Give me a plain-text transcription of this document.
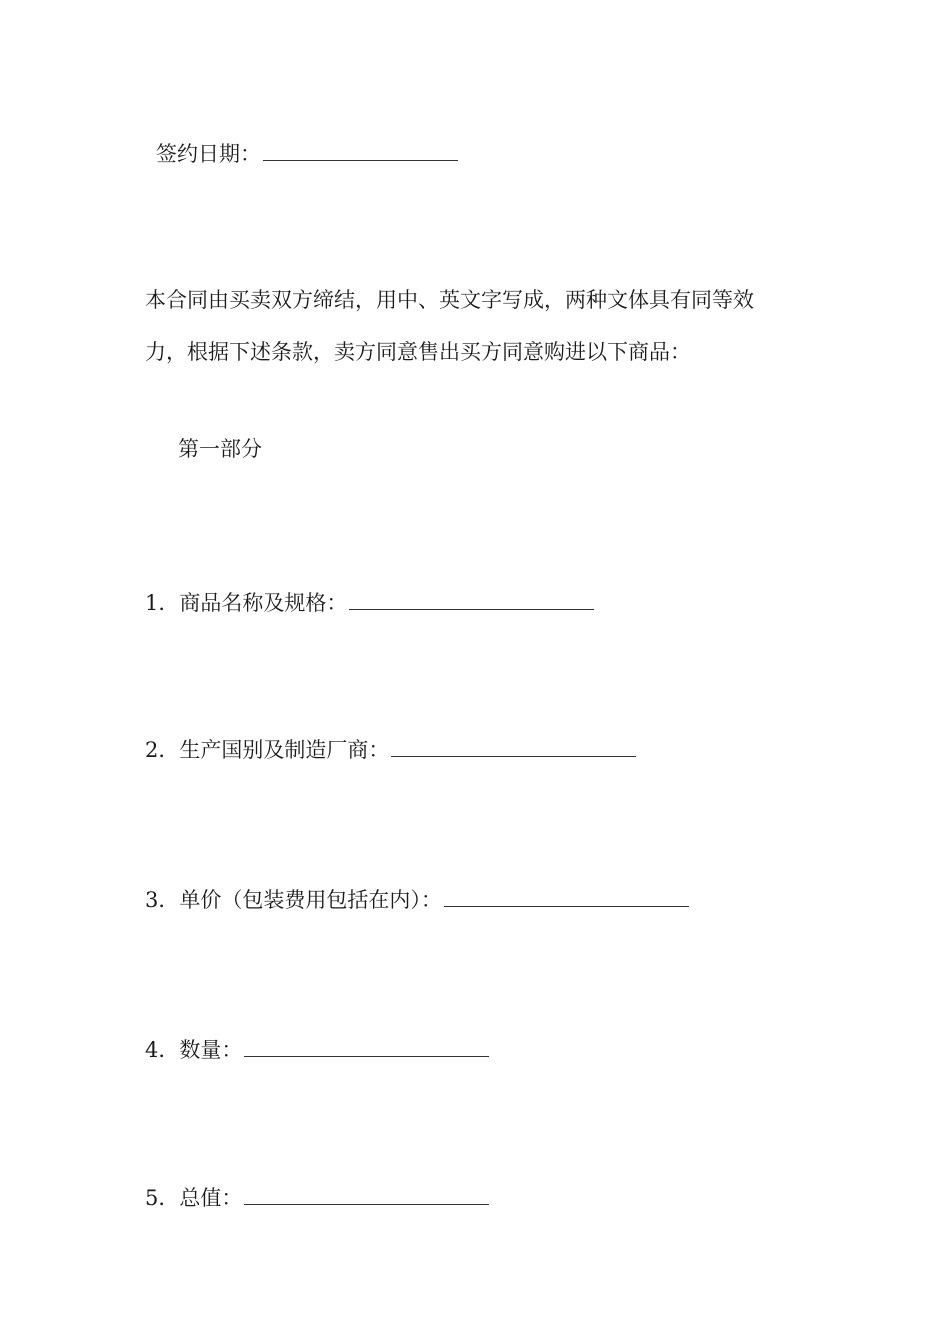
签约日期：
本合同由买卖双方缔结，用中、英文字写成，两种文体具有同等效
力，根据下述条款，卖方同意售出买方同意购进以下商品：
第一部分
1．商品名称及规格：
2．生产国别及制造厂商：
3．单价（包装费用包括在内）：
4．数量：
5．总值：
